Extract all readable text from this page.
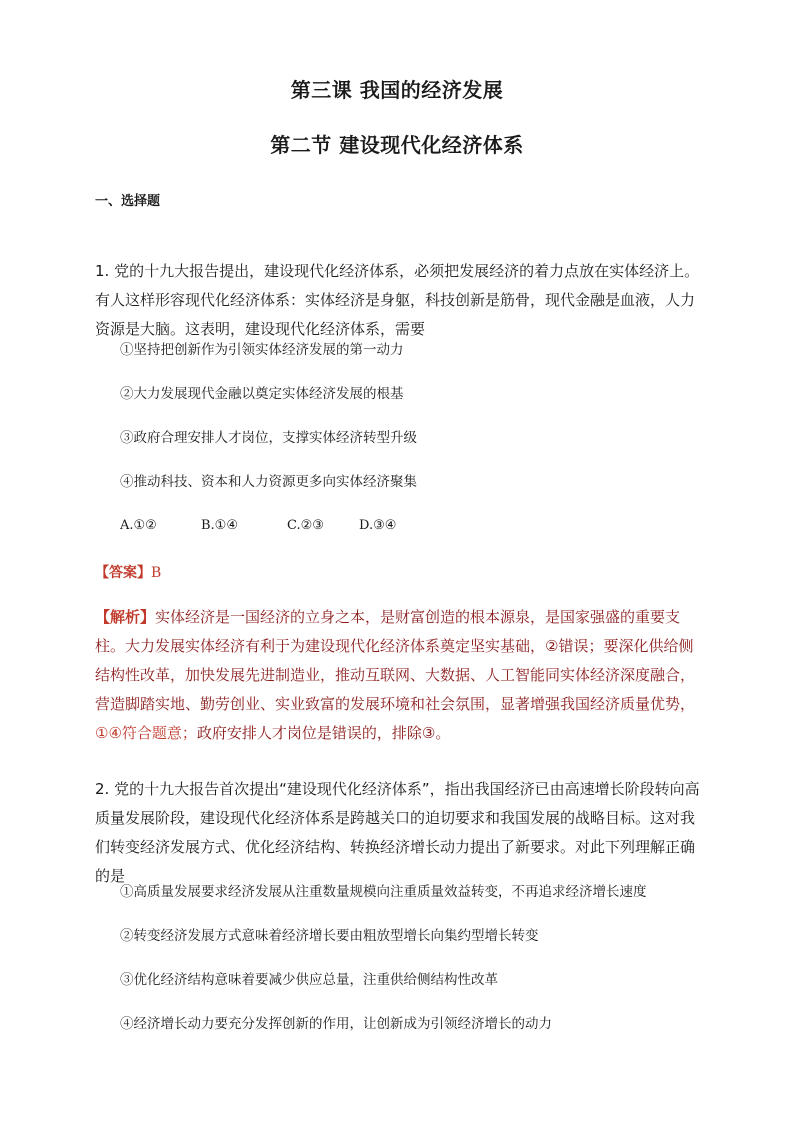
第三课 我国的经济发展
第二节 建设现代化经济体系
一、选择题
1. 党的十九大报告提出，建设现代化经济体系，必须把发展经济的着力点放在实体经济上。有人这样形容现代化经济体系：实体经济是身躯，科技创新是筋骨，现代金融是血液，人力资源是大脑。这表明，建设现代化经济体系，需要
①坚持把创新作为引领实体经济发展的第一动力
②大力发展现代金融以奠定实体经济发展的根基
③政府合理安排人才岗位，支撑实体经济转型升级
④推动科技、资本和人力资源更多向实体经济聚集
A.①②	B.①④	C.②③	D.③④
【答案】B
【解析】实体经济是一国经济的立身之本，是财富创造的根本源泉，是国家强盛的重要支柱。大力发展实体经济有利于为建设现代化经济体系奠定坚实基础，②错误；要深化供给侧结构性改革，加快发展先进制造业，推动互联网、大数据、人工智能同实体经济深度融合，营造脚踏实地、勤劳创业、实业致富的发展环境和社会氛围，显著增强我国经济质量优势，①④符合题意；政府安排人才岗位是错误的，排除③。
2. 党的十九大报告首次提出“建设现代化经济体系”，指出我国经济已由高速增长阶段转向高质量发展阶段，建设现代化经济体系是跨越关口的迫切要求和我国发展的战略目标。这对我们转变经济发展方式、优化经济结构、转换经济增长动力提出了新要求。对此下列理解正确的是
①高质量发展要求经济发展从注重数量规模向注重质量效益转变，不再追求经济增长速度
②转变经济发展方式意味着经济增长要由粗放型增长向集约型增长转变
③优化经济结构意味着要减少供应总量，注重供给侧结构性改革
④经济增长动力要充分发挥创新的作用，让创新成为引领经济增长的动力
